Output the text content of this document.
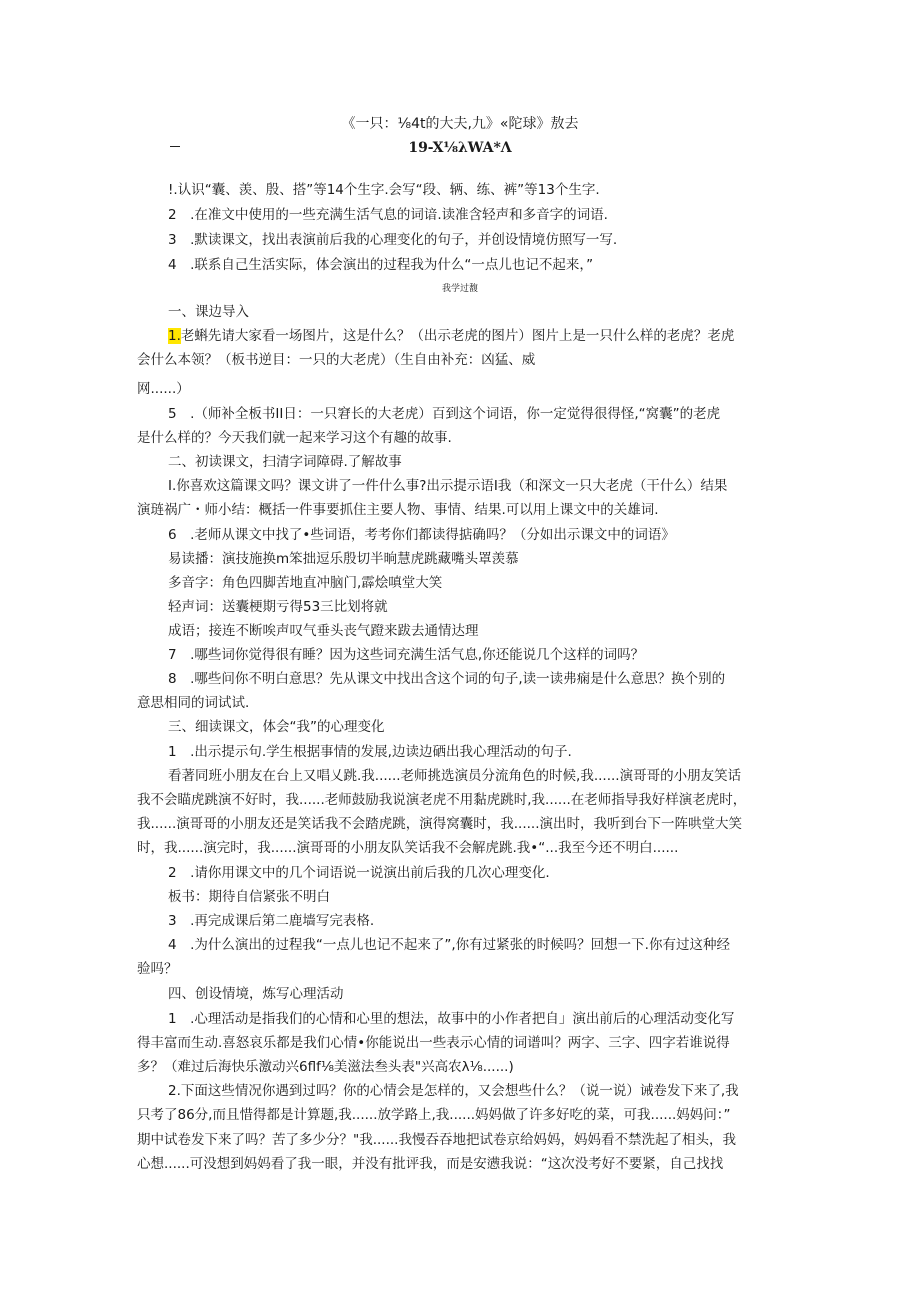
《一只：⅛4t的大夫,九》«陀球》敖去
19-X⅛λWA*Λ
!.认识“囊、羡、殷、搭”等14个生字.会写“段、辆、练、裤”等13个生字.
2　.在准文中使用的一些充满生活气息的词谙.读准含轻声和多音字的词语.
3　.默读课文，找出表演前后我的心理变化的句子，并创设情境仿照写一写.
4　.联系自己生活实际，体会演出的过程我为什么“一点儿也记不起来，”
我学过馥
一、课边导入
1.老蝌先请大家看一场图片，这是什么？（出示老虎的图片）图片上是一只什么样的老虎？老虎
会什么本领？（板书逆目：一只的大老虎）（生自由补充：凶猛、威
网......）
5　.（师补全板书II日：一只窘长的大老虎）百到这个词语，你一定觉得很得怪,“窝囊”的老虎
是什么样的？今天我们就一起来学习这个有趣的故事.
二、初读课文，扫清字词障碍.了解故事
I.你喜欢这篇课文吗？课文讲了一件什么事?出示提示语I我（和深文一只大老虎（干什么）结果
演琏祸广・师小结：概括一件事要抓住主要人物、事情、结果.可以用上课文中的关雄词.
6　.老师从课文中找了•些词语，考考你们都读得掂确吗？（分如出示课文中的词语》
易读播：演技施换m笨拙逗乐殷切半晌慧虎跳藏嘴头罩羡慕
多音字：角色四脚苦地直冲脑门,霹烩嗔堂大笑
轻声词：送囊梗期亏得53三比划将就
成语；接连不断唉声叹气垂头丧气蹬来跋去通情达理
7　.哪些词你觉得很有睡？因为这些词充满生活气息,你还能说几个这样的词吗？
8　.哪些问你不明白意思？先从课文中找出含这个词的句子,读一读弗痫是什么意思？换个别的
意思相同的词试试.
三、细读课文，体会“我”的心理变化
1　.出示提示句.学生根据事情的发展,边读边硒出我心理活动的句子.
看著同班小朋友在台上又唱乂跳.我......老师挑选演员分流角色的时候,我......演哥哥的小朋友笑话
我不会瞄虎跳演不好时，我......老师鼓励我说演老虎不用黏虎跳时,我......在老师指导我好样演老虎时，
我......演哥哥的小朋友还是笑话我不会踏虎跳，演得窝囊时，我......演出时，我听到台下一阵哄堂大笑
时，我......演完时，我......演哥哥的小朋友队笑话我不会解虎跳.我•“...我至今还不明白......
2　.请你用课文中的几个词语说一说演出前后我的几次心理变化.
板书：期待自信紧张不明白
3　.再完成课后第二鹿墙写完表格.
4　.为什么演出的过程我“一点儿也记不起来了”,你有过紧张的时候吗？回想一下.你有过这种经
验吗？
四、创设情境，炼写心理活动
1　.心理活动是指我们的心情和心里的想法，故事中的小作者把自」演出前后的心理活动变化写
得丰富而生动.喜怒哀乐都是我们心情•你能说出一些表示心情的词谱叫？两字、三字、四字若谁说得
多？（难过后海快乐激动兴6flf⅛美滋法叁头表"兴高农λ⅛......)
2.下面这些情况你遇到过吗？你的心情会是怎样的，又会想些什么？（说一说）诫卷发下来了,我
只考了86分,而且惜得都是计算题,我......放学路上,我......妈妈做了许多好吃的菜，可我......妈妈问：”
期中试卷发下来了吗？苦了多少分？"我......我慢吞吞地把试卷京给妈妈，妈妈看不禁洗起了相头，我
心想......可没想到妈妈看了我一眼，并没有批评我，而是安懑我说：“这次没考好不要紧，自己找找
